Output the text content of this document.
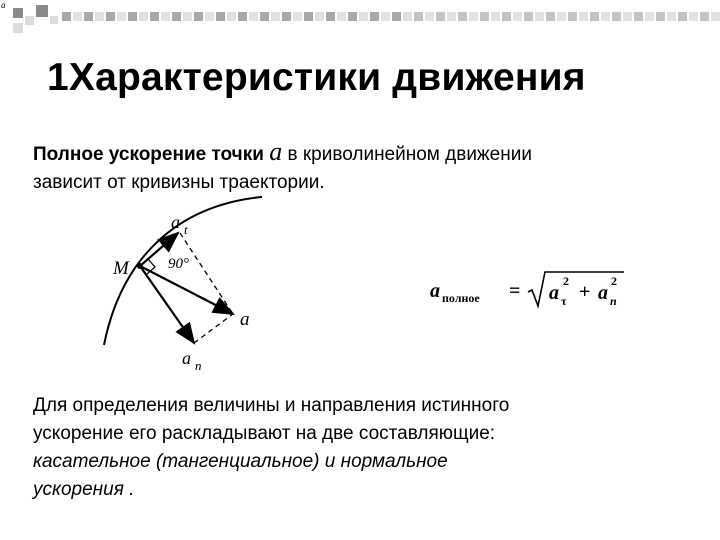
a
1Характеристики движения
Полное ускорение точки a в криволинейном движении
зависит от кривизны траектории.
M
a t
90°
a
a n
a полное = a τ
2 + a n
2
Для определения величины и направления истинного
ускорение его раскладывают на две составляющие:
касательное (тангенциальное) и нормальное
ускорения .
